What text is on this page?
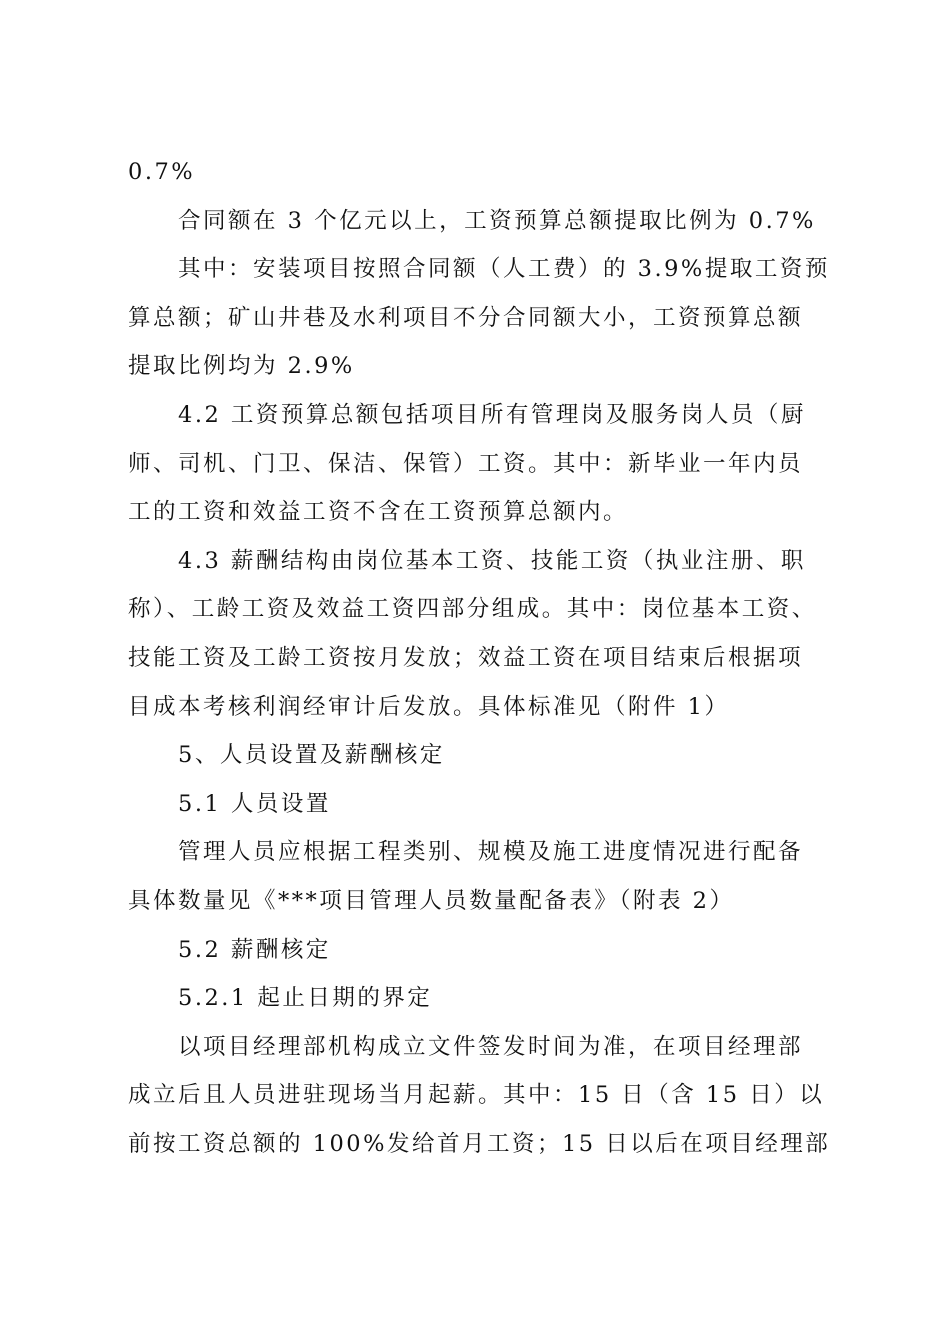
0.7%
合同额在 3 个亿元以上，工资预算总额提取比例为 0.7%
其中：安装项目按照合同额（人工费）的 3.9%提取工资预
算总额；矿山井巷及水利项目不分合同额大小，工资预算总额
提取比例均为 2.9%
4.2 工资预算总额包括项目所有管理岗及服务岗人员（厨
师、司机、门卫、保洁、保管）工资。其中：新毕业一年内员
工的工资和效益工资不含在工资预算总额内。
4.3 薪酬结构由岗位基本工资、技能工资（执业注册、职
称）、工龄工资及效益工资四部分组成。其中：岗位基本工资、
技能工资及工龄工资按月发放；效益工资在项目结束后根据项
目成本考核利润经审计后发放。具体标准见（附件 1）
5、人员设置及薪酬核定
5.1 人员设置
管理人员应根据工程类别、规模及施工进度情况进行配备
具体数量见《***项目管理人员数量配备表》（附表 2）
5.2 薪酬核定
5.2.1 起止日期的界定
以项目经理部机构成立文件签发时间为准，在项目经理部
成立后且人员进驻现场当月起薪。其中：15 日（含 15 日）以
前按工资总额的 100%发给首月工资；15 日以后在项目经理部
